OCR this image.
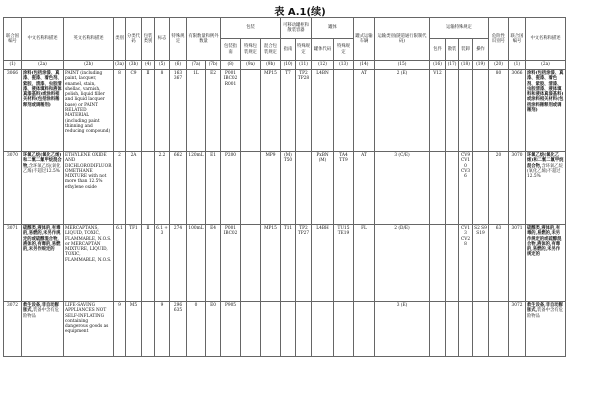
表 A.1(续)
联合国编号	中文名称和描述	英文名称和描述	类别	分类代码	包装类别	标志	特殊规定	有限数量和例外数量		包装			可移动罐柜和散装容器		罐体		罐式运输车辆	运输类别(隧道通行限制代码)	运输特殊规定				危险性识别号	联合国编号	中文名称和描述
										包装指南	特殊包装规定	混合包装规定	指南	特殊规定	罐体代码	特殊规定			包件	散装	装卸	操作			
(1)	(2a)	(2b)	(3a)	(3b)	(4)	(5)	(6)	(7a)	(7b)	(8)	(9a)	(9b)	(10)	(11)	(12)	(13)	(14)	(15)	(16)	(17)	(18)	(19)	(20)	(1)	(2a)
3066	涂料(包括涂漆、真漆、瓷漆、着色剂、紫胶、清漆、虫胶清漆、液体填料和液体真漆基料)或涂料相关材料(包括涂料稀释剂或调稀剂)	PAINT (including paint, lacquer, enamel, stain, shellac, varnish, polish, liquid filler and liquid lacquer base) or PAINT RELATED MATERIAL (including paint thinning and reducing compound)	8	C9	Ⅱ	8	163 367	1L	E2	P001 IBC02 R001		MP15	T7	TP2 TP28	L4BN		AT	2 (E)	V12				80	3066	涂料(包括涂漆、真漆、瓷漆、着色剂、紫胶、清漆、虫胶清漆、液体填料和液体真漆基料)或涂料相关材料(包括涂料稀释剂或调稀剂)
3070	环氧乙烷(氧化乙烯)和二氯二氟甲烷混合物,含环氧乙烷(氧化乙烯)不超过12.5%	ETHYLENE OXIDE AND DICHLORODIFLUOROMETHANE MIXTURE with not more than 12.5% ethylene oxide	2	2A		2.2	662	120mL	E1	P200		MP9	(M) T50		PxBN (M)	TA4 TT9	AT	3 (C/E)			CV9 CV10 CV36		20	3070	环氧乙烷(氧化乙烯)和二氯二氟甲烷混合物,含环氧乙烷(氧化乙烯)不超过12.5%
3071	硫醇类,液体的,有毒的,易燃的,未另作规定的或硫醇混合物,液体的,有毒的,易燃的,未另作规定的	MERCAPTANS, LIQUID, TOXIC, FLAMMABLE, N.O.S. or MERCAPTAN MIXTURE, LIQUID, TOXIC, FLAMMABLE, N.O.S.	6.1	TF1	Ⅱ	6.1 + 3	274	100mL	E4	P001 IBC02		MP15	T11	TP2 TP27	L4BH	TU15 TE19	FL	2 (D/E)			CV13 CV28	S2 S9 S19	63	3071	硫醇类,液体的,有毒的,易燃的,未另作规定的或硫醇混合物,液体的,有毒的,易燃的,未另作规定的
3072	救生设备,非自动膨胀式,装备中含有危险物品	LIFE-SAVING APPLIANCES NOT SELF-INFLATING containing dangerous goods as equipment	9	M5		9	296 635	0	E0	P905								3 (E)						3072	救生设备,非自动膨胀式,装备中含有危险物品
